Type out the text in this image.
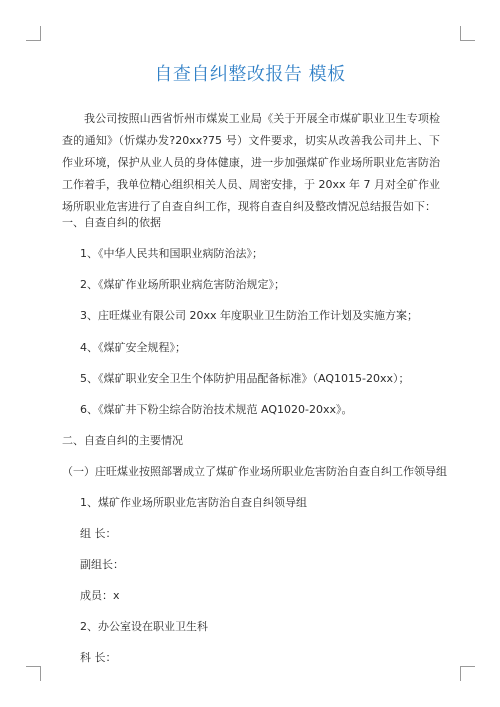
自查自纠整改报告 模板

我公司按照山西省忻州市煤炭工业局《关于开展全市煤矿职业卫生专项检查的通知》（忻煤办发?20xx?75 号）文件要求，切实从改善我公司井上、下作业环境，保护从业人员的身体健康，进一步加强煤矿作业场所职业危害防治工作着手，我单位精心组织相关人员、周密安排，于 20xx 年 7 月对全矿作业场所职业危害进行了自查自纠工作，现将自查自纠及整改情况总结报告如下：

一、自查自纠的依据
1、《中华人民共和国职业病防治法》；
2、《煤矿作业场所职业病危害防治规定》；
3、庄旺煤业有限公司 20xx 年度职业卫生防治工作计划及实施方案；
4、《煤矿安全规程》；
5、《煤矿职业安全卫生个体防护用品配备标准》（AQ1015-20xx）；
6、《煤矿井下粉尘综合防治技术规范 AQ1020-20xx》。
二、自查自纠的主要情况
（一）庄旺煤业按照部署成立了煤矿作业场所职业危害防治自查自纠工作领导组
1、煤矿作业场所职业危害防治自查自纠领导组
组 长：
副组长：
成员：x
2、办公室设在职业卫生科
科 长：
